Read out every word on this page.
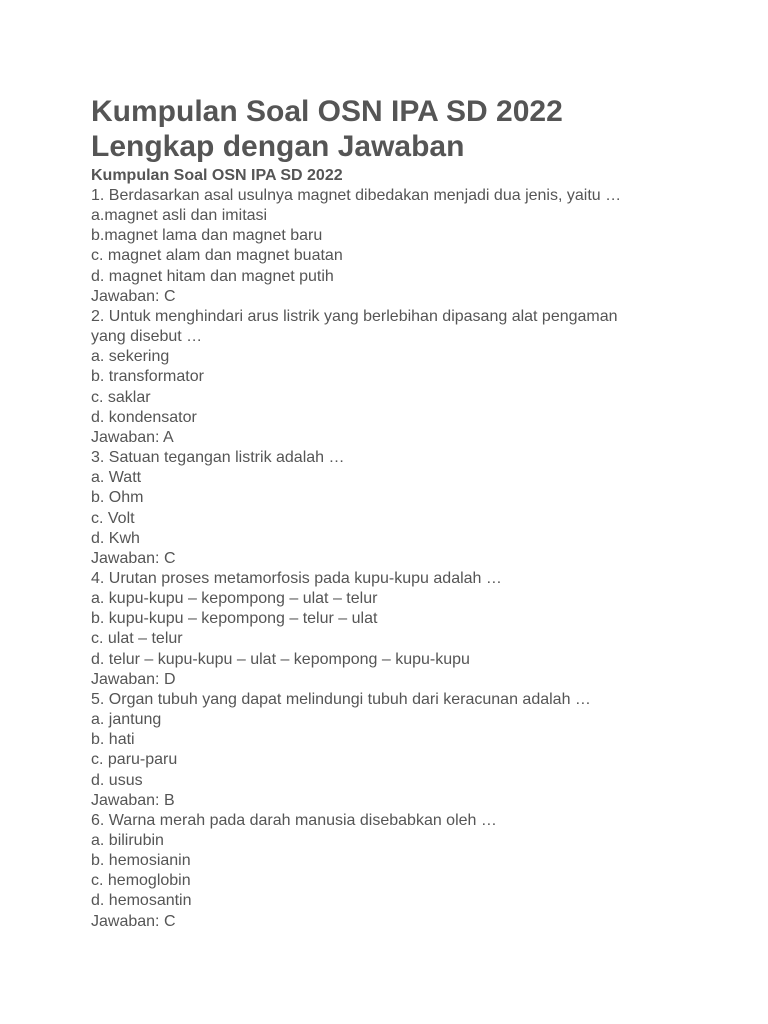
Kumpulan Soal OSN IPA SD 2022
Lengkap dengan Jawaban
Kumpulan Soal OSN IPA SD 2022
1. Berdasarkan asal usulnya magnet dibedakan menjadi dua jenis, yaitu …
a.magnet asli dan imitasi
b.magnet lama dan magnet baru
c. magnet alam dan magnet buatan
d. magnet hitam dan magnet putih
Jawaban: C
2. Untuk menghindari arus listrik yang berlebihan dipasang alat pengaman
yang disebut …
a. sekering
b. transformator
c. saklar
d. kondensator
Jawaban: A
3. Satuan tegangan listrik adalah …
a. Watt
b. Ohm
c. Volt
d. Kwh
Jawaban: C
4. Urutan proses metamorfosis pada kupu-kupu adalah …
a. kupu-kupu – kepompong – ulat – telur
b. kupu-kupu – kepompong – telur – ulat
c. ulat – telur
d. telur – kupu-kupu – ulat – kepompong – kupu-kupu
Jawaban: D
5. Organ tubuh yang dapat melindungi tubuh dari keracunan adalah …
a. jantung
b. hati
c. paru-paru
d. usus
Jawaban: B
6. Warna merah pada darah manusia disebabkan oleh …
a. bilirubin
b. hemosianin
c. hemoglobin
d. hemosantin
Jawaban: C
